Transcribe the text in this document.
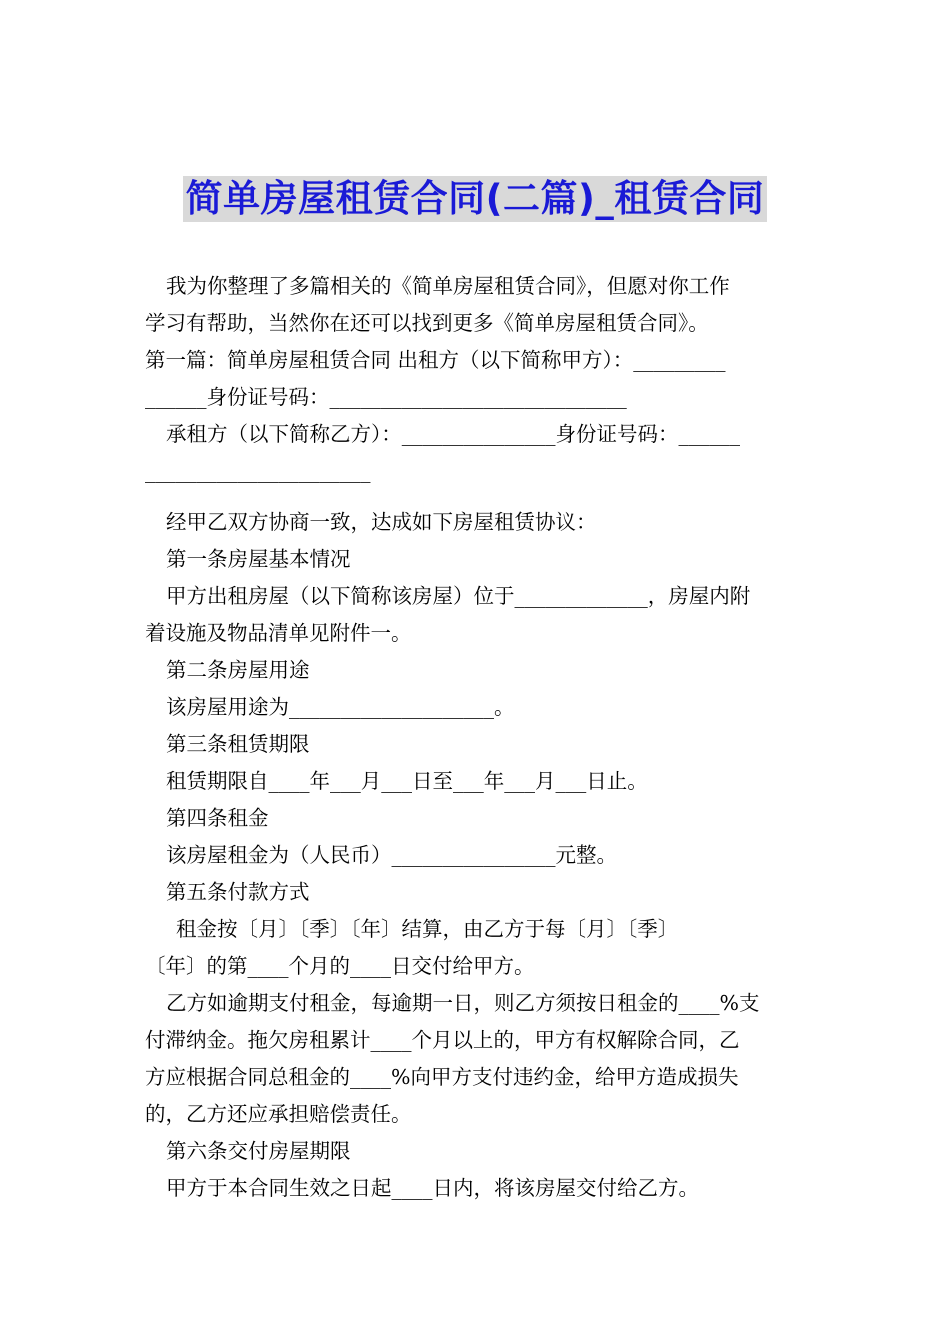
简单房屋租赁合同(二篇)_租赁合同
我为你整理了多篇相关的《简单房屋租赁合同》，但愿对你工作
学习有帮助，当然你在还可以找到更多《简单房屋租赁合同》。
第一篇：简单房屋租赁合同 出租方（以下简称甲方）：_________
______身份证号码：_____________________________
承租方（以下简称乙方）：_______________身份证号码：______
______________________
经甲乙双方协商一致，达成如下房屋租赁协议：
第一条房屋基本情况
甲方出租房屋（以下简称该房屋）位于_____________，房屋内附
着设施及物品清单见附件一。
第二条房屋用途
该房屋用途为____________________。
第三条租赁期限
租赁期限自____年___月___日至___年___月___日止。
第四条租金
该房屋租金为（人民币）________________元整。
第五条付款方式
租金按〔月〕〔季〕〔年〕结算，由乙方于每〔月〕〔季〕
〔年〕的第____个月的____日交付给甲方。
乙方如逾期支付租金，每逾期一日，则乙方须按日租金的____%支
付滞纳金。拖欠房租累计____个月以上的，甲方有权解除合同，乙
方应根据合同总租金的____%向甲方支付违约金，给甲方造成损失
的，乙方还应承担赔偿责任。
第六条交付房屋期限
甲方于本合同生效之日起____日内，将该房屋交付给乙方。
